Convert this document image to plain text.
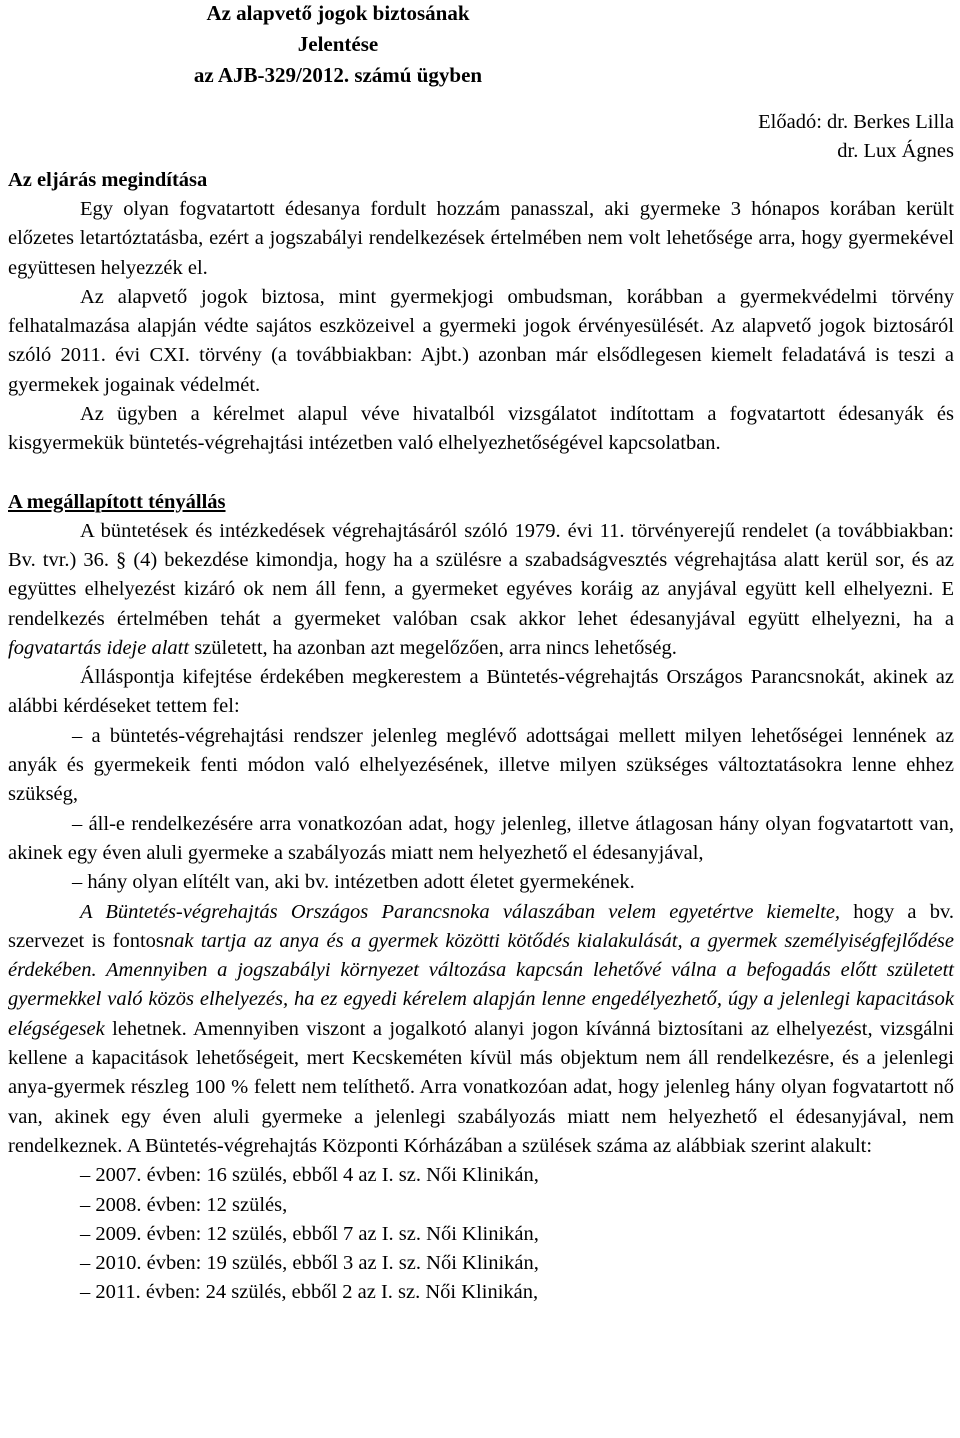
Az alapvető jogok biztosának
Jelentése
az AJB-329/2012. számú ügyben
Előadó: dr. Berkes Lilla
dr. Lux Ágnes
Az eljárás megindítása

Egy olyan fogvatartott édesanya fordult hozzám panasszal, aki gyermeke 3 hónapos korában került előzetes letartóztatásba, ezért a jogszabályi rendelkezések értelmében nem volt lehetősége arra, hogy gyermekével együttesen helyezzék el.

Az alapvető jogok biztosa, mint gyermekjogi ombudsman, korábban a gyermekvédelmi törvény felhatalmazása alapján védte sajátos eszközeivel a gyermeki jogok érvényesülését. Az alapvető jogok biztosáról szóló 2011. évi CXI. törvény (a továbbiakban: Ajbt.) azonban már elsődlegesen kiemelt feladatává is teszi a gyermekek jogainak védelmét.

Az ügyben a kérelmet alapul véve hivatalból vizsgálatot indítottam a fogvatartott édesanyák és kisgyermekük büntetés-végrehajtási intézetben való elhelyezhetőségével kapcsolatban.

A megállapított tényállás

A büntetések és intézkedések végrehajtásáról szóló 1979. évi 11. törvényerejű rendelet (a továbbiakban: Bv. tvr.) 36. § (4) bekezdése kimondja, hogy ha a szülésre a szabadságvesztés végrehajtása alatt kerül sor, és az együttes elhelyezést kizáró ok nem áll fenn, a gyermeket egyéves koráig az anyjával együtt kell elhelyezni. E rendelkezés értelmében tehát a gyermeket valóban csak akkor lehet édesanyjával együtt elhelyezni, ha a fogvatartás ideje alatt született, ha azonban azt megelőzően, arra nincs lehetőség.

Álláspontja kifejtése érdekében megkerestem a Büntetés-végrehajtás Országos Parancsnokát, akinek az alábbi kérdéseket tettem fel:

– a büntetés-végrehajtási rendszer jelenleg meglévő adottságai mellett milyen lehetőségei lennének az anyák és gyermekeik fenti módon való elhelyezésének, illetve milyen szükséges változtatásokra lenne ehhez szükség,

– áll-e rendelkezésére arra vonatkozóan adat, hogy jelenleg, illetve átlagosan hány olyan fogvatartott van, akinek egy éven aluli gyermeke a szabályozás miatt nem helyezhető el édesanyjával,

– hány olyan elítélt van, aki bv. intézetben adott életet gyermekének.

A Büntetés-végrehajtás Országos Parancsnoka válaszában velem egyetértve kiemelte, hogy a bv. szervezet is fontosnak tartja az anya és a gyermek közötti kötődés kialakulását, a gyermek személyiségfejlődése érdekében. Amennyiben a jogszabályi környezet változása kapcsán lehetővé válna a befogadás előtt született gyermekkel való közös elhelyezés, ha ez egyedi kérelem alapján lenne engedélyezhető, úgy a jelenlegi kapacitások elégségesek lehetnek. Amennyiben viszont a jogalkotó alanyi jogon kívánná biztosítani az elhelyezést, vizsgálni kellene a kapacitások lehetőségeit, mert Kecskeméten kívül más objektum nem áll rendelkezésre, és a jelenlegi anya-gyermek részleg 100 % felett nem telíthető. Arra vonatkozóan adat, hogy jelenleg hány olyan fogvatartott nő van, akinek egy éven aluli gyermeke a jelenlegi szabályozás miatt nem helyezhető el édesanyjával, nem rendelkeznek. A Büntetés-végrehajtás Központi Kórházában a szülések száma az alábbiak szerint alakult:

– 2007. évben: 16 szülés, ebből 4 az I. sz. Női Klinikán,
– 2008. évben: 12 szülés,
– 2009. évben: 12 szülés, ebből 7 az I. sz. Női Klinikán,
– 2010. évben: 19 szülés, ebből 3 az I. sz. Női Klinikán,
– 2011. évben: 24 szülés, ebből 2 az I. sz. Női Klinikán,
